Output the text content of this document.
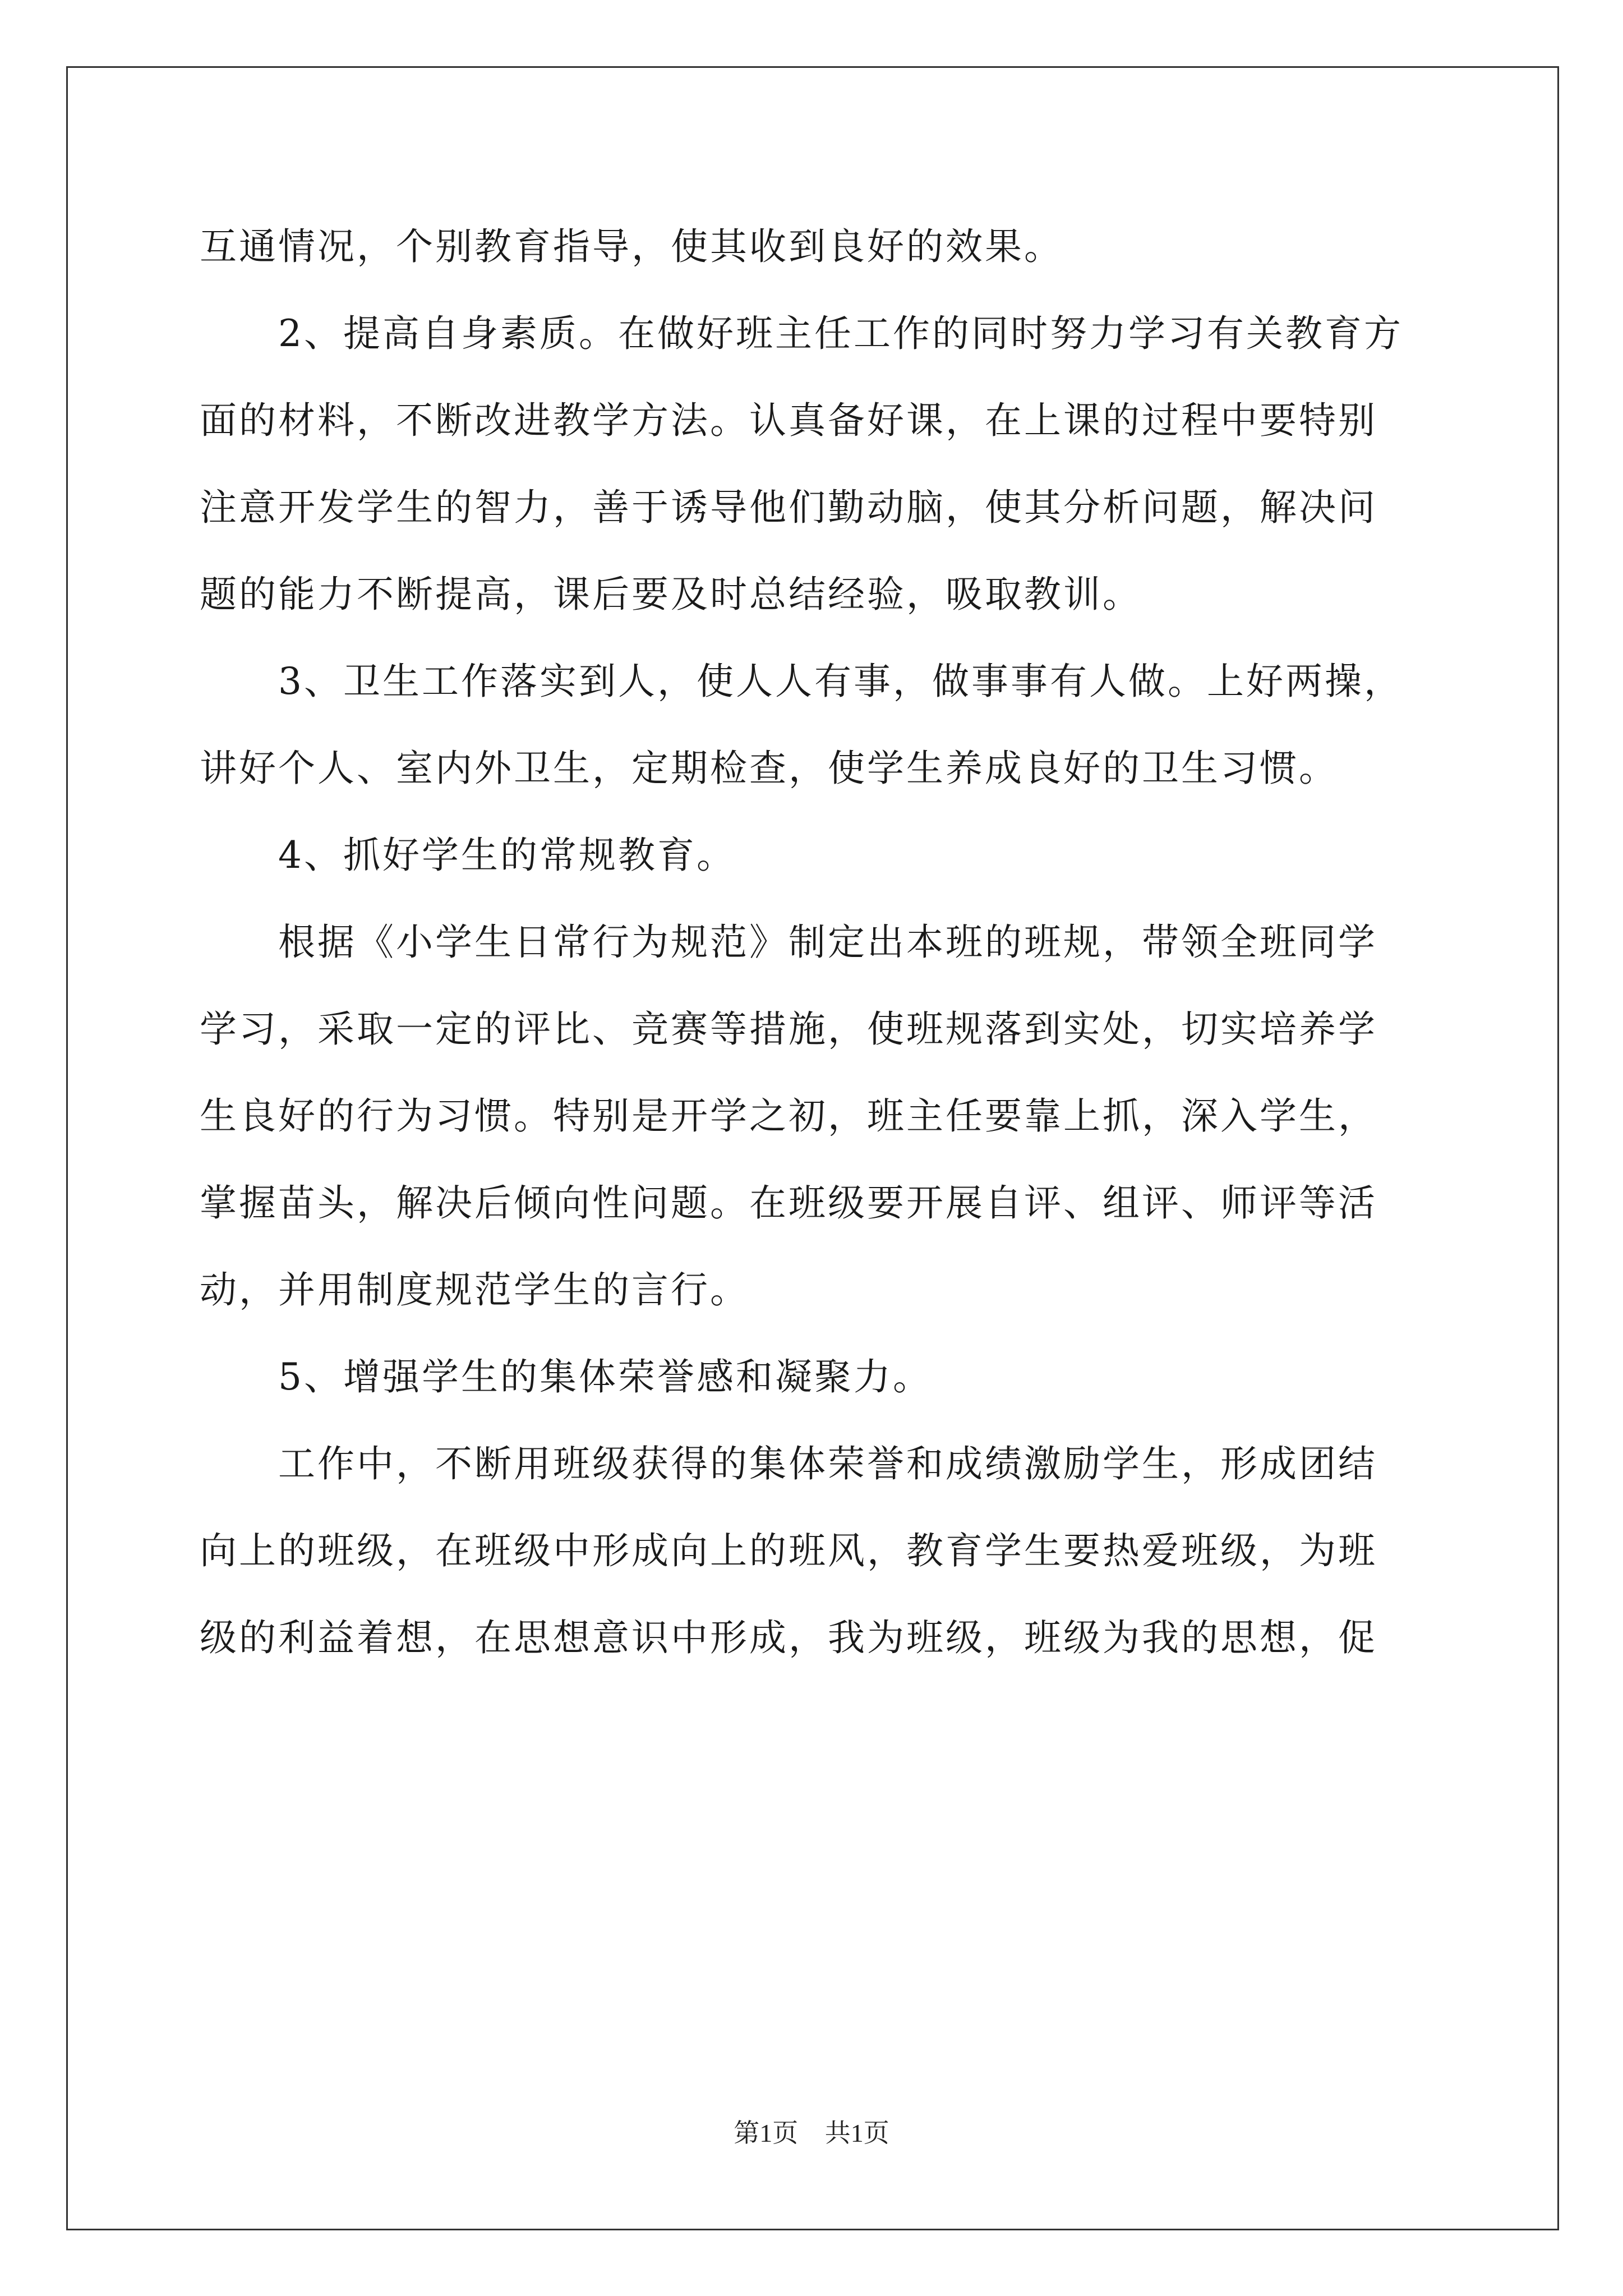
互通情况，个别教育指导，使其收到良好的效果。
2、提高自身素质。在做好班主任工作的同时努力学习有关教育方
面的材料，不断改进教学方法。认真备好课，在上课的过程中要特别
注意开发学生的智力，善于诱导他们勤动脑，使其分析问题，解决问
题的能力不断提高，课后要及时总结经验，吸取教训。
3、卫生工作落实到人，使人人有事，做事事有人做。上好两操，
讲好个人、室内外卫生，定期检查，使学生养成良好的卫生习惯。
4、抓好学生的常规教育。
根据《小学生日常行为规范》制定出本班的班规，带领全班同学
学习，采取一定的评比、竞赛等措施，使班规落到实处，切实培养学
生良好的行为习惯。特别是开学之初，班主任要靠上抓，深入学生，
掌握苗头，解决后倾向性问题。在班级要开展自评、组评、师评等活
动，并用制度规范学生的言行。
5、增强学生的集体荣誉感和凝聚力。
工作中，不断用班级获得的集体荣誉和成绩激励学生，形成团结
向上的班级，在班级中形成向上的班风，教育学生要热爱班级，为班
级的利益着想，在思想意识中形成，我为班级，班级为我的思想，促
第1页 共1页
